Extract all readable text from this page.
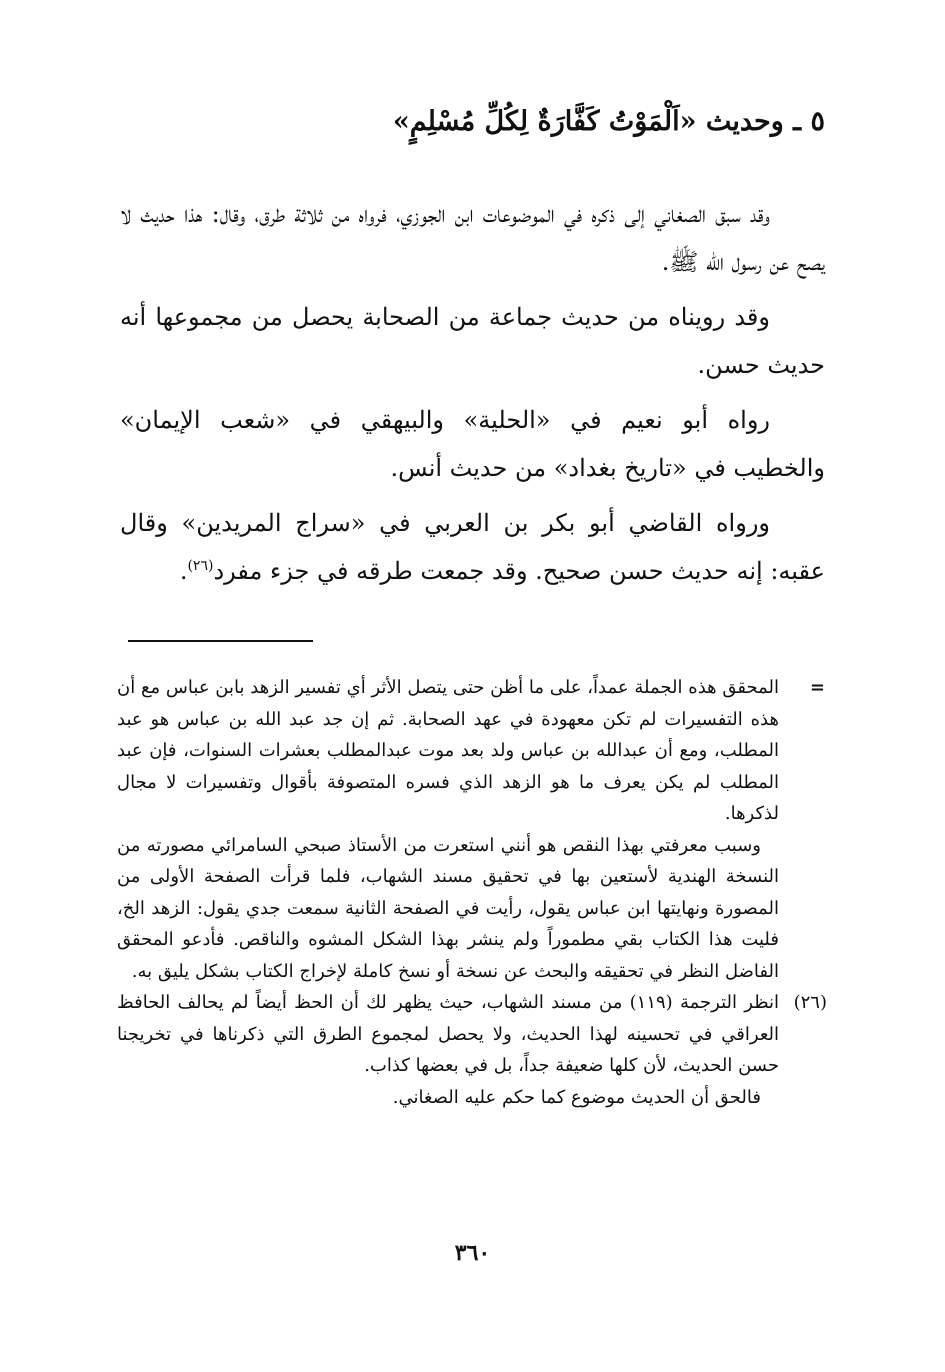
٥ ـ وحديث «اَلْمَوْتُ كَفَّارَةٌ لِكُلِّ مُسْلِمٍ»

وقد سبق الصغاني إلى ذكره في الموضوعات ابن الجوزي، فرواه من ثلاثة طرق، وقال: هذا حديث لا يصح عن رسول الله ﷺ.

وقد رويناه من حديث جماعة من الصحابة يحصل من مجموعها أنه حديث حسن.

رواه أبو نعيم في «الحلية» والبيهقي في «شعب الإيمان» والخطيب في «تاريخ بغداد» من حديث أنس.

ورواه القاضي أبو بكر بن العربي في «سراج المريدين» وقال عقبه: إنه حديث حسن صحيح. وقد جمعت طرقه في جزء مفرد$^{(٢٦)}$.

=

المحقق هذه الجملة عمداً، على ما أظن حتى يتصل الأثر أي تفسير الزهد بابن عباس مع أن هذه التفسيرات لم تكن معهودة في عهد الصحابة. ثم إن جد عبد الله بن عباس هو عبد المطلب، ومع أن عبدالله بن عباس ولد بعد موت عبدالمطلب بعشرات السنوات، فإن عبد المطلب لم يكن يعرف ما هو الزهد الذي فسره المتصوفة بأقوال وتفسيرات لا مجال لذكرها.

وسبب معرفتي بهذا النقص هو أنني استعرت من الأستاذ صبحي السامرائي مصورته من النسخة الهندية لأستعين بها في تحقيق مسند الشهاب، فلما قرأت الصفحة الأولى من المصورة ونهايتها ابن عباس يقول، رأيت في الصفحة الثانية سمعت جدي يقول: الزهد الخ، فليت هذا الكتاب بقي مطموراً ولم ينشر بهذا الشكل المشوه والناقص. فأدعو المحقق الفاضل النظر في تحقيقه والبحث عن نسخة أو نسخ كاملة لإخراج الكتاب بشكل يليق به.

(٢٦)

انظر الترجمة (١١٩) من مسند الشهاب، حيث يظهر لك أن الحظ أيضاً لم يحالف الحافظ العراقي في تحسينه لهذا الحديث، ولا يحصل لمجموع الطرق التي ذكرناها في تخريجنا حسن الحديث، لأن كلها ضعيفة جداً، بل في بعضها كذاب.

فالحق أن الحديث موضوع كما حكم عليه الصغاني.

٣٦٠
